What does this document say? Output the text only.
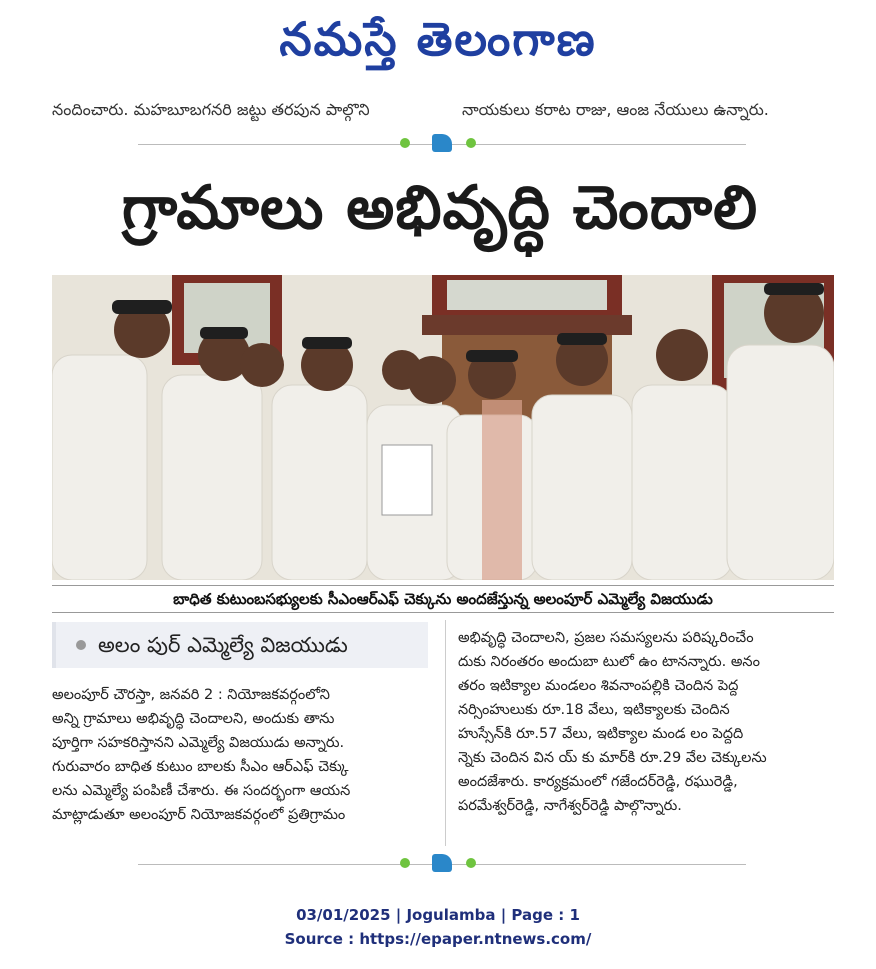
నమస్తే తెలంగాణ
నందించారు. మహబూబగనరి జట్టు తరపున పాల్గొని	నాయకులు కరాట రాజు, ఆంజ నేయులు ఉన్నారు.
గ్రామాలు అభివృద్ధి చెందాలి
బాధిత కుటుంబసభ్యులకు సీఎంఆర్ఎఫ్ చెక్కును అందజేస్తున్న అలంపూర్ ఎమ్మెల్యే విజయుడు
అలం పుర్ ఎమ్మెల్యే విజయుడు
అలంపూర్ చౌరస్తా, జనవరి 2 : నియోజకవర్గంలోని
అన్ని గ్రామాలు అభివృద్ధి చెందాలని, అందుకు తాను
పూర్తిగా సహకరిస్తానని ఎమ్మెల్యే విజయుడు అన్నారు.
గురువారం బాధిత కుటుం బాలకు సీఎం ఆర్ఎఫ్ చెక్కు
లను ఎమ్మెల్యే పంపిణీ చేశారు. ఈ సందర్భంగా ఆయన
మాట్లాడుతూ అలంపూర్ నియోజకవర్గంలో ప్రతిగ్రామం
అభివృద్ధి చెందాలని, ప్రజల సమస్యలను పరిష్కరించేం
దుకు నిరంతరం అందుబా టులో ఉం టానన్నారు. అనం
తరం ఇటిక్యాల మండలం శివనాంపల్లికి చెందిన పెద్ద
నర్సింహులుకు రూ.18 వేలు, ఇటిక్యాలకు చెందిన
హుస్సేన్‌కి రూ.57 వేలు, ఇటిక్యాల మండ లం పెద్దది
న్నెకు చెందిన విన య్ కు మార్‌కి రూ.29 వేల చెక్కులను
అందజేశారు. కార్యక్రమంలో గజేందర్‌రెడ్డి, రఘురెడ్డి,
పరమేశ్వర్‌రెడ్డి, నాగేశ్వర్‌రెడ్డి పాల్గొన్నారు.
03/01/2025 | Jogulamba | Page : 1
Source : https://epaper.ntnews.com/
